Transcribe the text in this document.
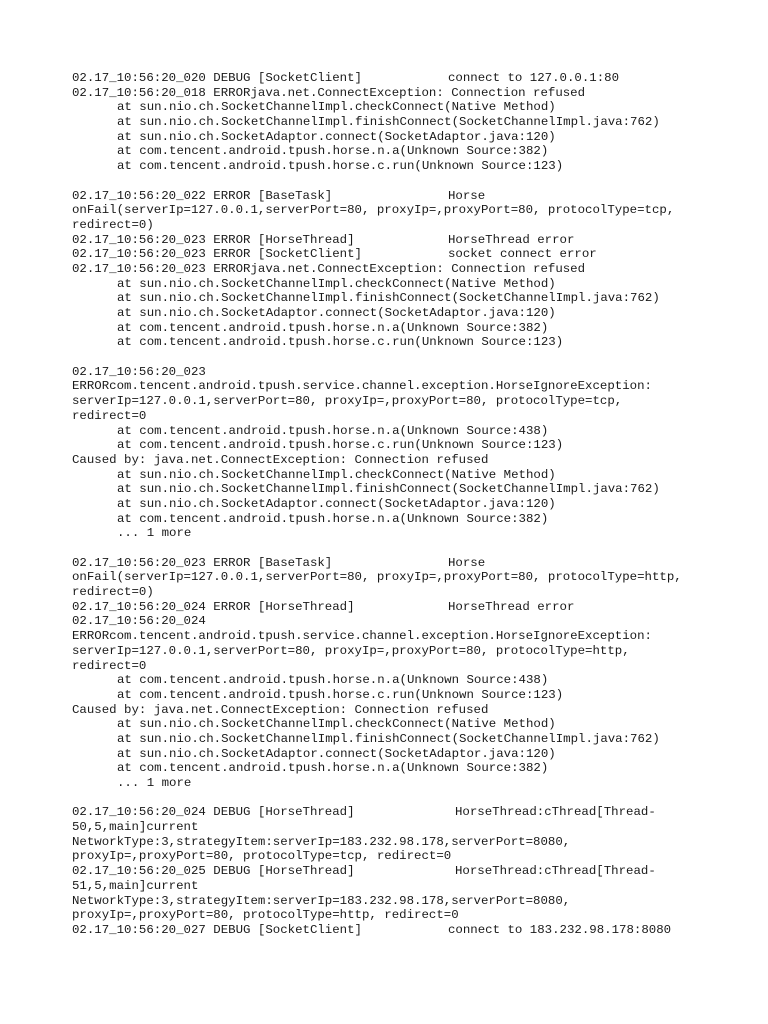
02.17_10:56:20_020 DEBUG [SocketClient]	connect to 127.0.0.1:80
02.17_10:56:20_018 ERRORjava.net.ConnectException: Connection refused
at sun.nio.ch.SocketChannelImpl.checkConnect(Native Method)
at sun.nio.ch.SocketChannelImpl.finishConnect(SocketChannelImpl.java:762)
at sun.nio.ch.SocketAdaptor.connect(SocketAdaptor.java:120)
at com.tencent.android.tpush.horse.n.a(Unknown Source:382)
at com.tencent.android.tpush.horse.c.run(Unknown Source:123)
02.17_10:56:20_022 ERROR [BaseTask]	Horse
onFail(serverIp=127.0.0.1,serverPort=80, proxyIp=,proxyPort=80, protocolType=tcp,
redirect=0)
02.17_10:56:20_023 ERROR [HorseThread]	HorseThread error
02.17_10:56:20_023 ERROR [SocketClient]	socket connect error
02.17_10:56:20_023 ERRORjava.net.ConnectException: Connection refused
at sun.nio.ch.SocketChannelImpl.checkConnect(Native Method)
at sun.nio.ch.SocketChannelImpl.finishConnect(SocketChannelImpl.java:762)
at sun.nio.ch.SocketAdaptor.connect(SocketAdaptor.java:120)
at com.tencent.android.tpush.horse.n.a(Unknown Source:382)
at com.tencent.android.tpush.horse.c.run(Unknown Source:123)
02.17_10:56:20_023
ERRORcom.tencent.android.tpush.service.channel.exception.HorseIgnoreException:
serverIp=127.0.0.1,serverPort=80, proxyIp=,proxyPort=80, protocolType=tcp,
redirect=0
at com.tencent.android.tpush.horse.n.a(Unknown Source:438)
at com.tencent.android.tpush.horse.c.run(Unknown Source:123)
Caused by: java.net.ConnectException: Connection refused
at sun.nio.ch.SocketChannelImpl.checkConnect(Native Method)
at sun.nio.ch.SocketChannelImpl.finishConnect(SocketChannelImpl.java:762)
at sun.nio.ch.SocketAdaptor.connect(SocketAdaptor.java:120)
at com.tencent.android.tpush.horse.n.a(Unknown Source:382)
... 1 more
02.17_10:56:20_023 ERROR [BaseTask]	Horse
onFail(serverIp=127.0.0.1,serverPort=80, proxyIp=,proxyPort=80, protocolType=http,
redirect=0)
02.17_10:56:20_024 ERROR [HorseThread]	HorseThread error
02.17_10:56:20_024
ERRORcom.tencent.android.tpush.service.channel.exception.HorseIgnoreException:
serverIp=127.0.0.1,serverPort=80, proxyIp=,proxyPort=80, protocolType=http,
redirect=0
at com.tencent.android.tpush.horse.n.a(Unknown Source:438)
at com.tencent.android.tpush.horse.c.run(Unknown Source:123)
Caused by: java.net.ConnectException: Connection refused
at sun.nio.ch.SocketChannelImpl.checkConnect(Native Method)
at sun.nio.ch.SocketChannelImpl.finishConnect(SocketChannelImpl.java:762)
at sun.nio.ch.SocketAdaptor.connect(SocketAdaptor.java:120)
at com.tencent.android.tpush.horse.n.a(Unknown Source:382)
... 1 more
02.17_10:56:20_024 DEBUG [HorseThread]	HorseThread:cThread[Thread-
50,5,main]current
NetworkType:3,strategyItem:serverIp=183.232.98.178,serverPort=8080,
proxyIp=,proxyPort=80, protocolType=tcp, redirect=0
02.17_10:56:20_025 DEBUG [HorseThread]	HorseThread:cThread[Thread-
51,5,main]current
NetworkType:3,strategyItem:serverIp=183.232.98.178,serverPort=8080,
proxyIp=,proxyPort=80, protocolType=http, redirect=0
02.17_10:56:20_027 DEBUG [SocketClient]	connect to 183.232.98.178:8080
